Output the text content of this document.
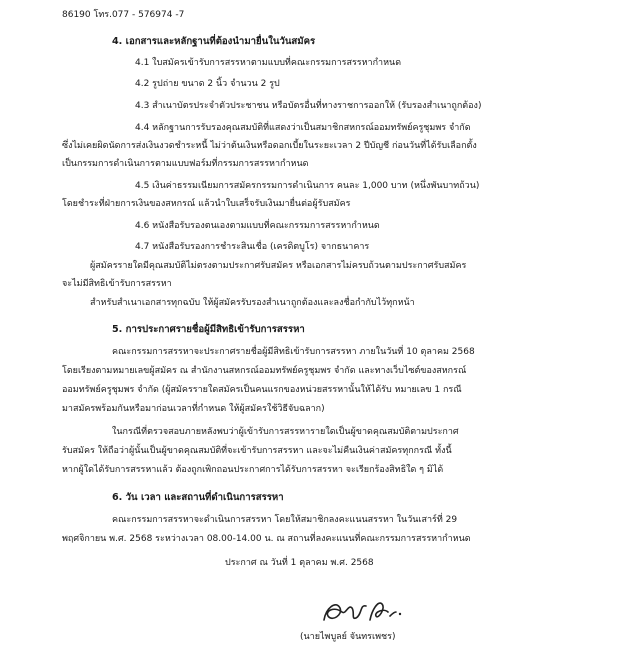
86190 โทร.077 - 576974 -7
4. เอกสารและหลักฐานที่ต้องนำมายื่นในวันสมัคร
4.1 ใบสมัครเข้ารับการสรรหาตามแบบที่คณะกรรมการสรรหากำหนด
4.2 รูปถ่าย ขนาด 2 นิ้ว จำนวน 2 รูป
4.3 สำเนาบัตรประจำตัวประชาชน หรือบัตรอื่นที่ทางราชการออกให้ (รับรองสำเนาถูกต้อง)
4.4 หลักฐานการรับรองคุณสมบัติที่แสดงว่าเป็นสมาชิกสหกรณ์ออมทรัพย์ครูชุมพร จำกัด
ซึ่งไม่เคยผิดนัดการส่งเงินงวดชำระหนี้ ไม่ว่าต้นเงินหรือดอกเบี้ยในระยะเวลา 2 ปีบัญชี ก่อนวันที่ได้รับเลือกตั้ง
เป็นกรรมการดำเนินการตามแบบฟอร์มที่กรรมการสรรหากำหนด
4.5 เงินค่าธรรมเนียมการสมัครกรรมการดำเนินการ คนละ 1,000 บาท (หนึ่งพันบาทถ้วน)
โดยชำระที่ฝ่ายการเงินของสหกรณ์ แล้วนำใบเสร็จรับเงินมายื่นต่อผู้รับสมัคร
4.6 หนังสือรับรองตนเองตามแบบที่คณะกรรมการสรรหากำหนด
4.7 หนังสือรับรองการชำระสินเชื่อ (เครดิตบูโร) จากธนาคาร
ผู้สมัครรายใดมีคุณสมบัติไม่ตรงตามประกาศรับสมัคร หรือเอกสารไม่ครบถ้วนตามประกาศรับสมัคร
จะไม่มีสิทธิเข้ารับการสรรหา
สำหรับสำเนาเอกสารทุกฉบับ ให้ผู้สมัครรับรองสำเนาถูกต้องและลงชื่อกำกับไว้ทุกหน้า
5. การประกาศรายชื่อผู้มีสิทธิเข้ารับการสรรหา
คณะกรรมการสรรหาจะประกาศรายชื่อผู้มีสิทธิเข้ารับการสรรหา ภายในวันที่ 10 ตุลาคม 2568
โดยเรียงตามหมายเลขผู้สมัคร ณ สำนักงานสหกรณ์ออมทรัพย์ครูชุมพร จำกัด และทางเว็บไซต์ของสหกรณ์
ออมทรัพย์ครูชุมพร จำกัด (ผู้สมัครรายใดสมัครเป็นคนแรกของหน่วยสรรหานั้นให้ได้รับ หมายเลข 1 กรณี
มาสมัครพร้อมกันหรือมาก่อนเวลาที่กำหนด ให้ผู้สมัครใช้วิธีจับฉลาก)
ในกรณีที่ตรวจสอบภายหลังพบว่าผู้เข้ารับการสรรหารายใดเป็นผู้ขาดคุณสมบัติตามประกาศ
รับสมัคร ให้ถือว่าผู้นั้นเป็นผู้ขาดคุณสมบัติที่จะเข้ารับการสรรหา และจะไม่คืนเงินค่าสมัครทุกกรณี ทั้งนี้
หากผู้ใดได้รับการสรรหาแล้ว ต้องถูกเพิกถอนประกาศการได้รับการสรรหา จะเรียกร้องสิทธิใด ๆ มิได้
6. วัน เวลา และสถานที่ดำเนินการสรรหา
คณะกรรมการสรรหาจะดำเนินการสรรหา โดยให้สมาชิกลงคะแนนสรรหา ในวันเสาร์ที่ 29
พฤศจิกายน พ.ศ. 2568 ระหว่างเวลา 08.00-14.00 น. ณ สถานที่ลงคะแนนที่คณะกรรมการสรรหากำหนด
ประกาศ ณ วันที่ 1 ตุลาคม พ.ศ. 2568
(นายไพบูลย์ จันทรเพชร)
